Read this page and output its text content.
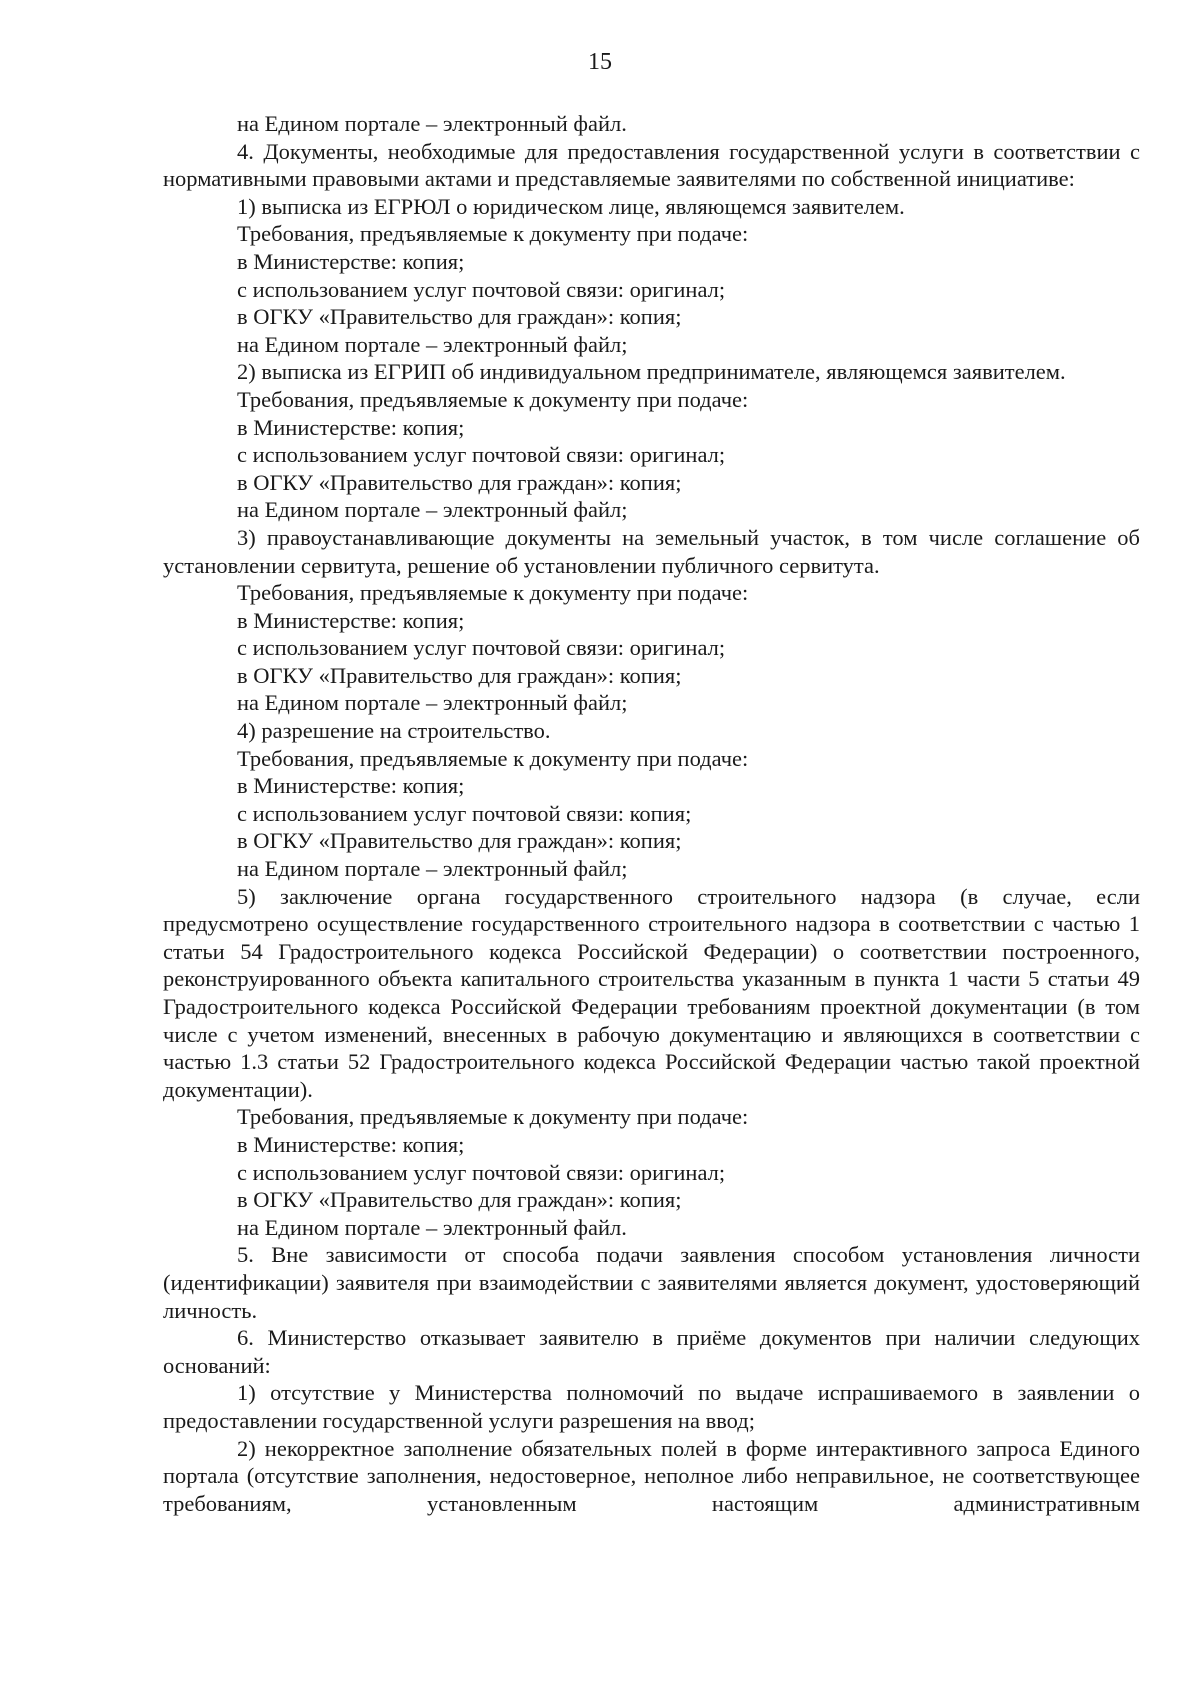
15

на Едином портале – электронный файл.

4. Документы, необходимые для предоставления государственной услуги в соответствии с нормативными правовыми актами и представляемые заявителями по собственной инициативе:

1) выписка из ЕГРЮЛ о юридическом лице, являющемся заявителем.

Требования, предъявляемые к документу при подаче:

в Министерстве: копия;

с использованием услуг почтовой связи: оригинал;

в ОГКУ «Правительство для граждан»: копия;

на Едином портале – электронный файл;

2) выписка из ЕГРИП об индивидуальном предпринимателе, являющемся заявителем.

Требования, предъявляемые к документу при подаче:

в Министерстве: копия;

с использованием услуг почтовой связи: оригинал;

в ОГКУ «Правительство для граждан»: копия;

на Едином портале – электронный файл;

3) правоустанавливающие документы на земельный участок, в том числе соглашение об установлении сервитута, решение об установлении публичного сервитута.

Требования, предъявляемые к документу при подаче:

в Министерстве: копия;

с использованием услуг почтовой связи: оригинал;

в ОГКУ «Правительство для граждан»: копия;

на Едином портале – электронный файл;

4) разрешение на строительство.

Требования, предъявляемые к документу при подаче:

в Министерстве: копия;

с использованием услуг почтовой связи: копия;

в ОГКУ «Правительство для граждан»: копия;

на Едином портале – электронный файл;

5) заключение органа государственного строительного надзора (в случае, если предусмотрено осуществление государственного строительного надзора в соответствии с частью 1 статьи 54 Градостроительного кодекса Российской Федерации) о соответствии построенного, реконструированного объекта капитального строительства указанным в пункта 1 части 5 статьи 49 Градостроительного кодекса Российской Федерации требованиям проектной документации (в том числе с учетом изменений, внесенных в рабочую документацию и являющихся в соответствии с частью 1.3 статьи 52 Градостроительного кодекса Российской Федерации частью такой проектной документации).

Требования, предъявляемые к документу при подаче:

в Министерстве: копия;

с использованием услуг почтовой связи: оригинал;

в ОГКУ «Правительство для граждан»: копия;

на Едином портале – электронный файл.

5. Вне зависимости от способа подачи заявления способом установления личности (идентификации) заявителя при взаимодействии с заявителями является документ, удостоверяющий личность.

6. Министерство отказывает заявителю в приёме документов при наличии следующих оснований:

1) отсутствие у Министерства полномочий по выдаче испрашиваемого в заявлении о предоставлении государственной услуги разрешения на ввод;

2) некорректное заполнение обязательных полей в форме интерактивного запроса Единого портала (отсутствие заполнения, недостоверное, неполное либо неправильное, не соответствующее требованиям, установленным настоящим административным
